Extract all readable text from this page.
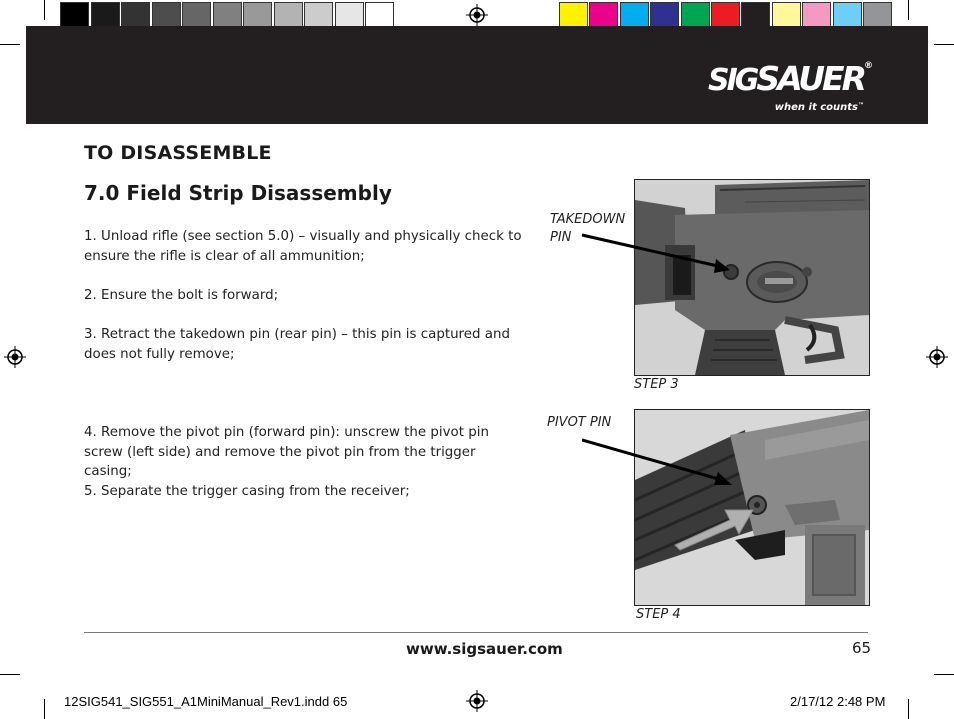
SIGSAUER®
when it counts™
TO DISASSEMBLE
7.0 Field Strip Disassembly
1. Unload rifle (see section 5.0) – visually and physically check to ensure the rifle is clear of all ammunition;
2. Ensure the bolt is forward;
3. Retract the takedown pin (rear pin) – this pin is captured and does not fully remove;
4. Remove the pivot pin (forward pin): unscrew the pivot pin screw (left side) and remove the pivot pin from the trigger casing;
5. Separate the trigger casing from the receiver;
TAKEDOWN
PIN
STEP 3
PIVOT PIN
STEP 4
www.sigsauer.com	65
12SIG541_SIG551_A1MiniManual_Rev1.indd 65	2/17/12 2:48 PM
